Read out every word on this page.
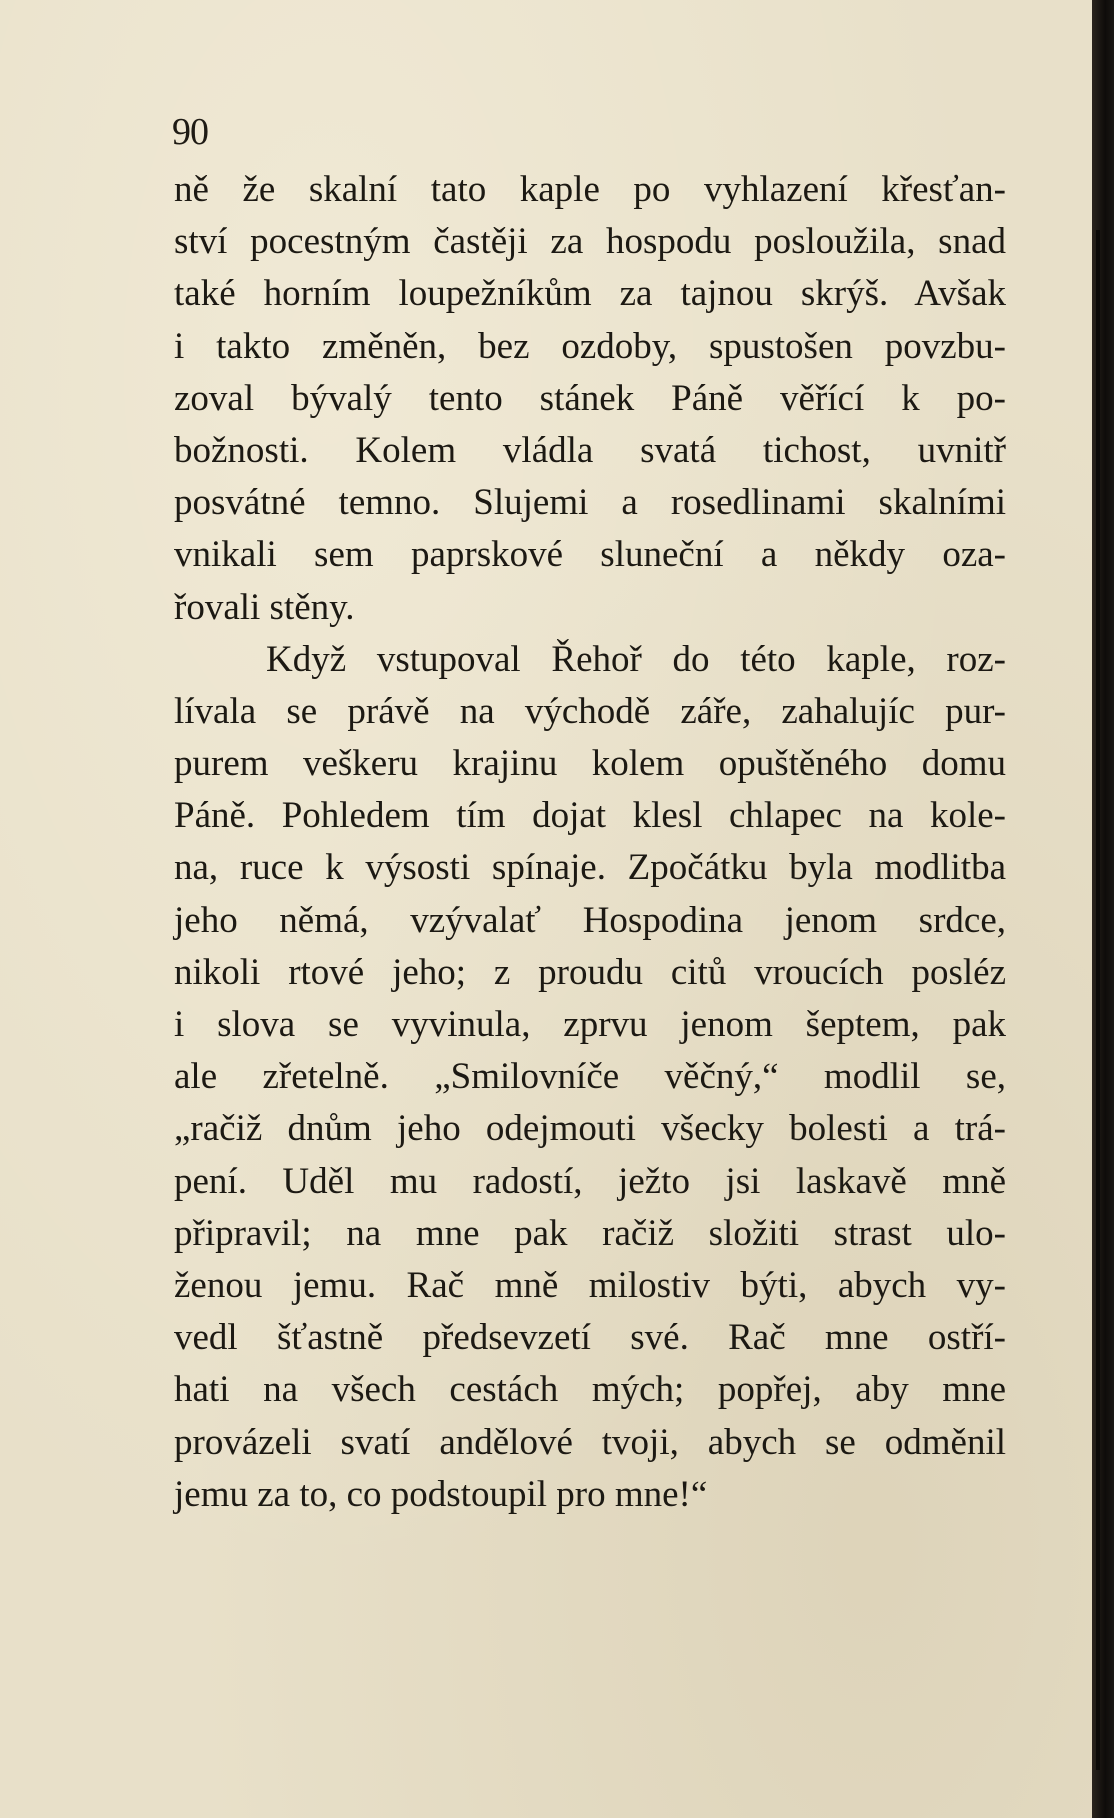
90
ně že skalní tato kaple po vyhlazení křesťan-
ství pocestným častěji za hospodu posloužila, snad
také horním loupežníkům za tajnou skrýš. Avšak
i takto změněn, bez ozdoby, spustošen povzbu-
zoval bývalý tento stánek Páně věřící k po-
božnosti. Kolem vládla svatá tichost, uvnitř
posvátné temno. Slujemi a rosedlinami skalními
vnikali sem paprskové sluneční a někdy oza-
řovali stěny.
Když vstupoval Řehoř do této kaple, roz-
lívala se právě na východě záře, zahalujíc pur-
purem veškeru krajinu kolem opuštěného domu
Páně. Pohledem tím dojat klesl chlapec na kole-
na, ruce k výsosti spínaje. Zpočátku byla modlitba
jeho němá, vzývalať Hospodina jenom srdce,
nikoli rtové jeho; z proudu citů vroucích posléz
i slova se vyvinula, zprvu jenom šeptem, pak
ale zřetelně. „Smilovníče věčný,“ modlil se,
„račiž dnům jeho odejmouti všecky bolesti a trá-
pení. Uděl mu radostí, ježto jsi laskavě mně
připravil; na mne pak račiž složiti strast ulo-
ženou jemu. Rač mně milostiv býti, abych vy-
vedl šťastně předsevzetí své. Rač mne ostří-
hati na všech cestách mých; popřej, aby mne
provázeli svatí andělové tvoji, abych se odměnil
jemu za to, co podstoupil pro mne!“
